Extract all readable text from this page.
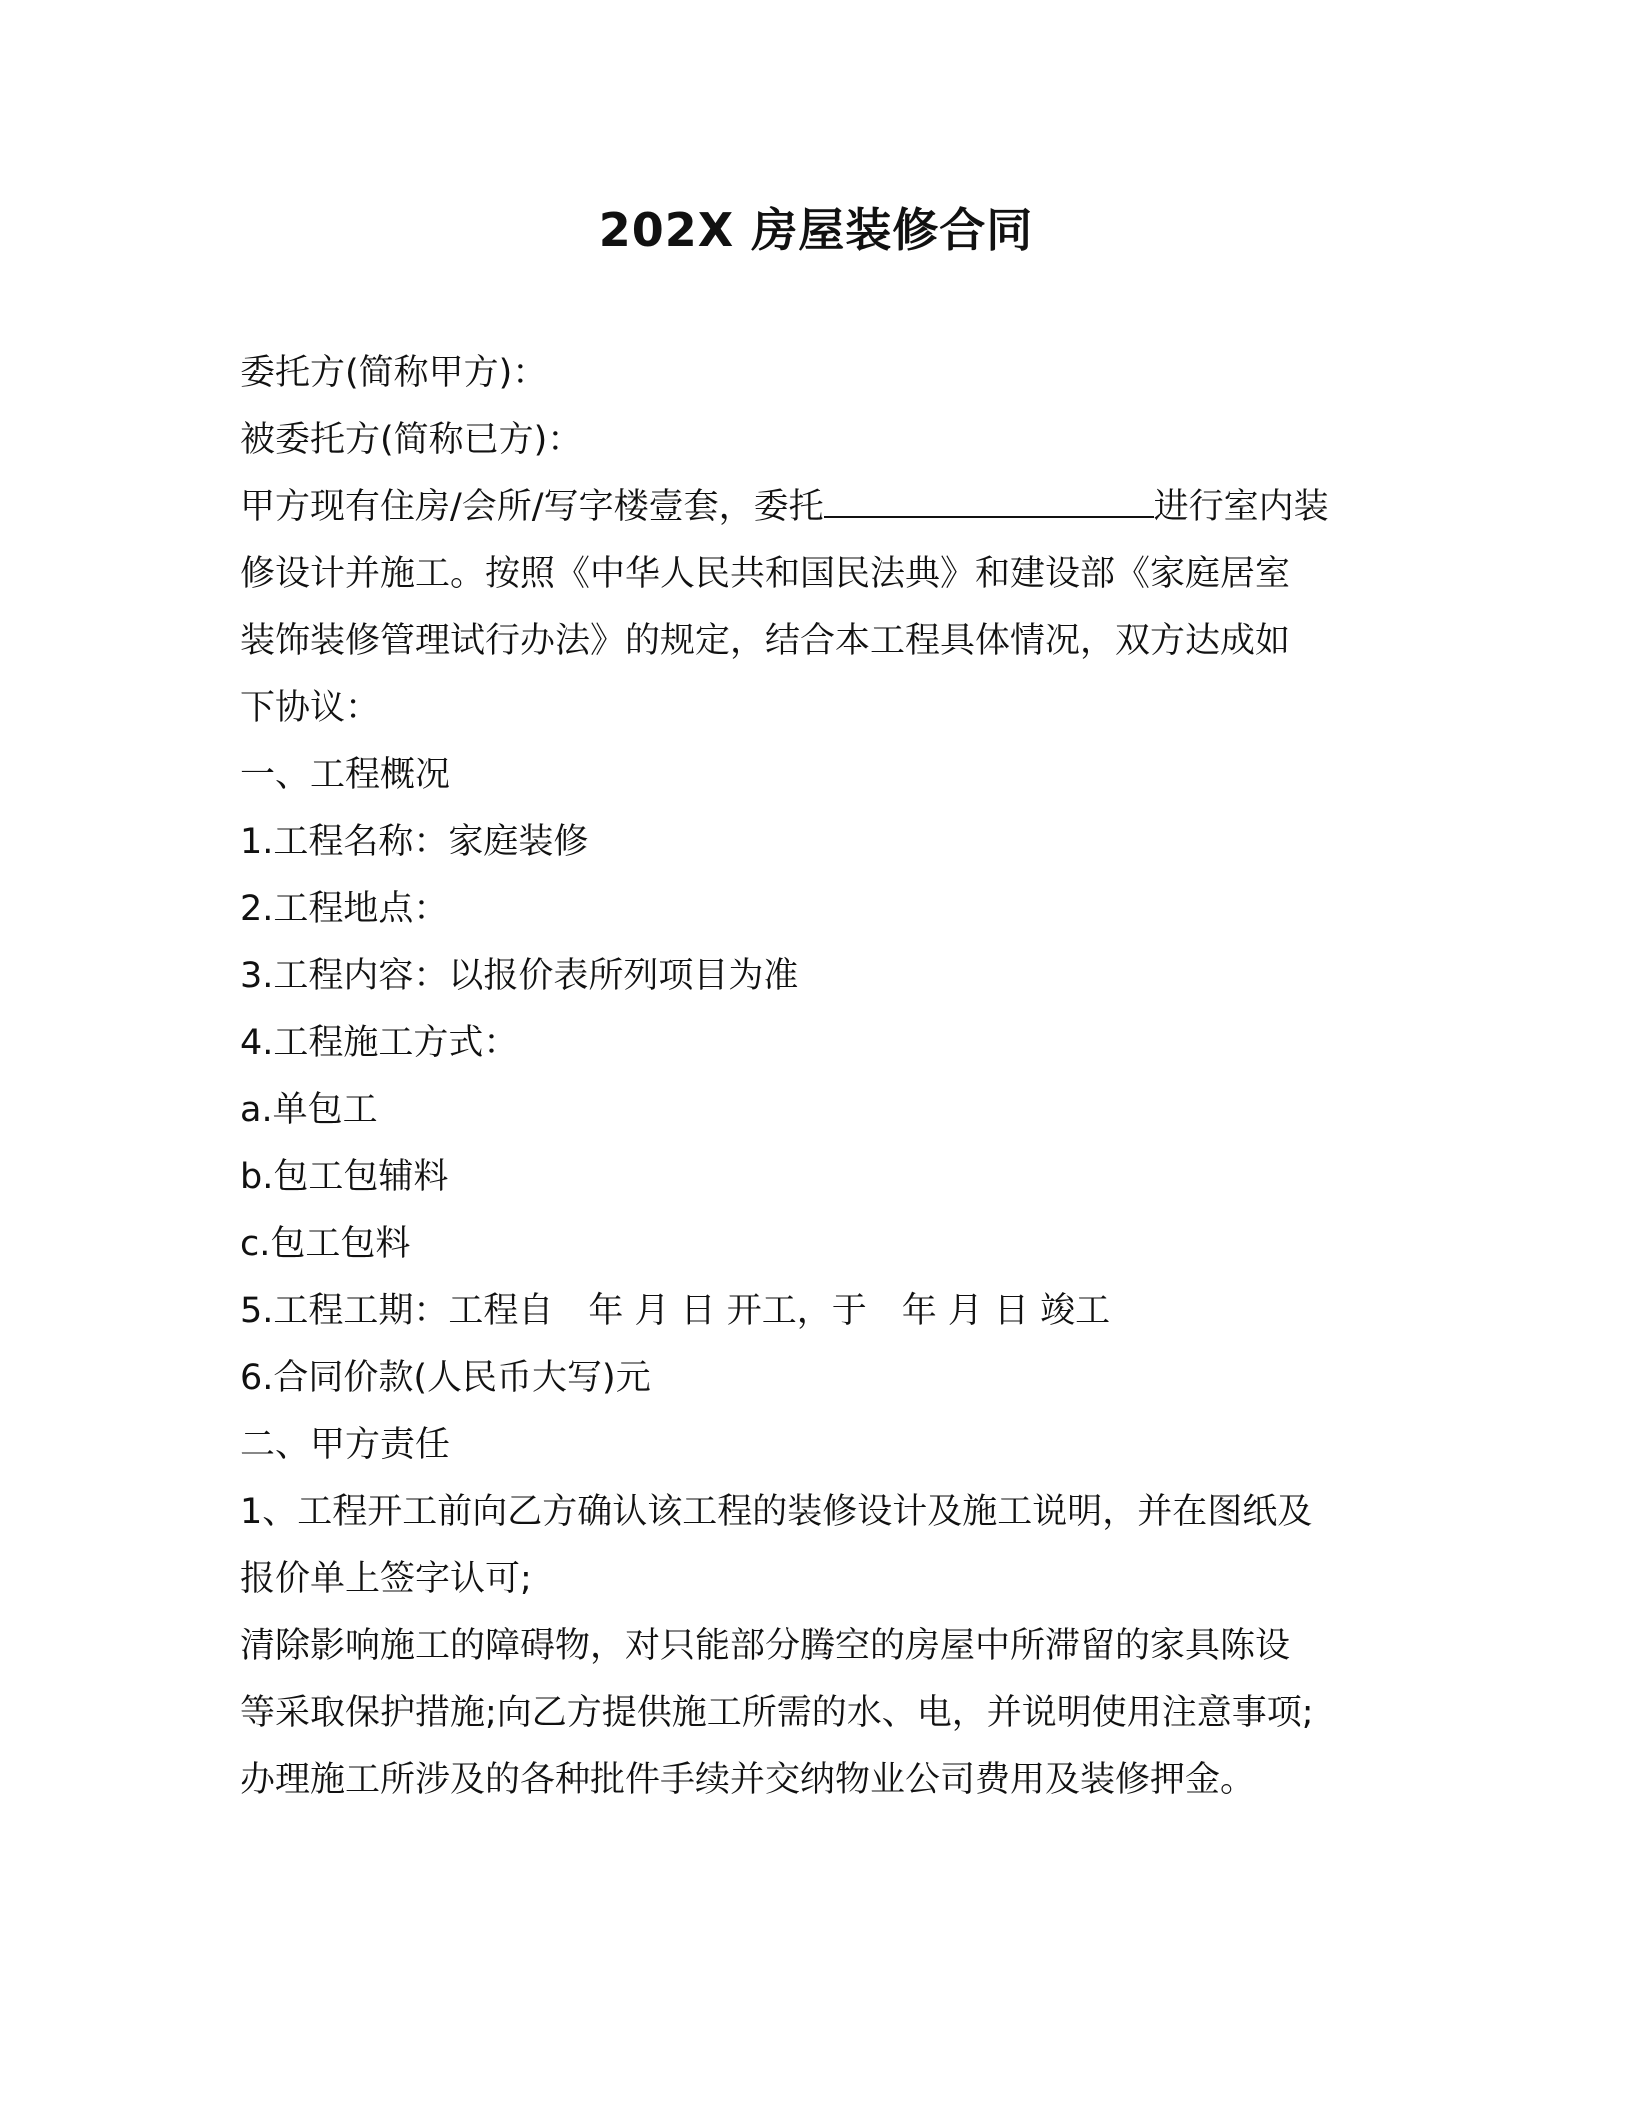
202X 房屋装修合同
委托方(简称甲方)：
被委托方(简称已方)：
甲方现有住房/会所/写字楼壹套，委托	进行室内装
修设计并施工。按照《中华人民共和国民法典》和建设部《家庭居室
装饰装修管理试行办法》的规定，结合本工程具体情况，双方达成如
下协议：
一、工程概况
1.工程名称：家庭装修
2.工程地点：
3.工程内容：以报价表所列项目为准
4.工程施工方式：
a.单包工
b.包工包辅料
c.包工包料
5.工程工期：工程自　年 月 日 开工，于　年 月 日 竣工
6.合同价款(人民币大写)元
二、甲方责任
1、工程开工前向乙方确认该工程的装修设计及施工说明，并在图纸及
报价单上签字认可;
清除影响施工的障碍物，对只能部分腾空的房屋中所滞留的家具陈设
等采取保护措施;向乙方提供施工所需的水、电，并说明使用注意事项;
办理施工所涉及的各种批件手续并交纳物业公司费用及装修押金。
